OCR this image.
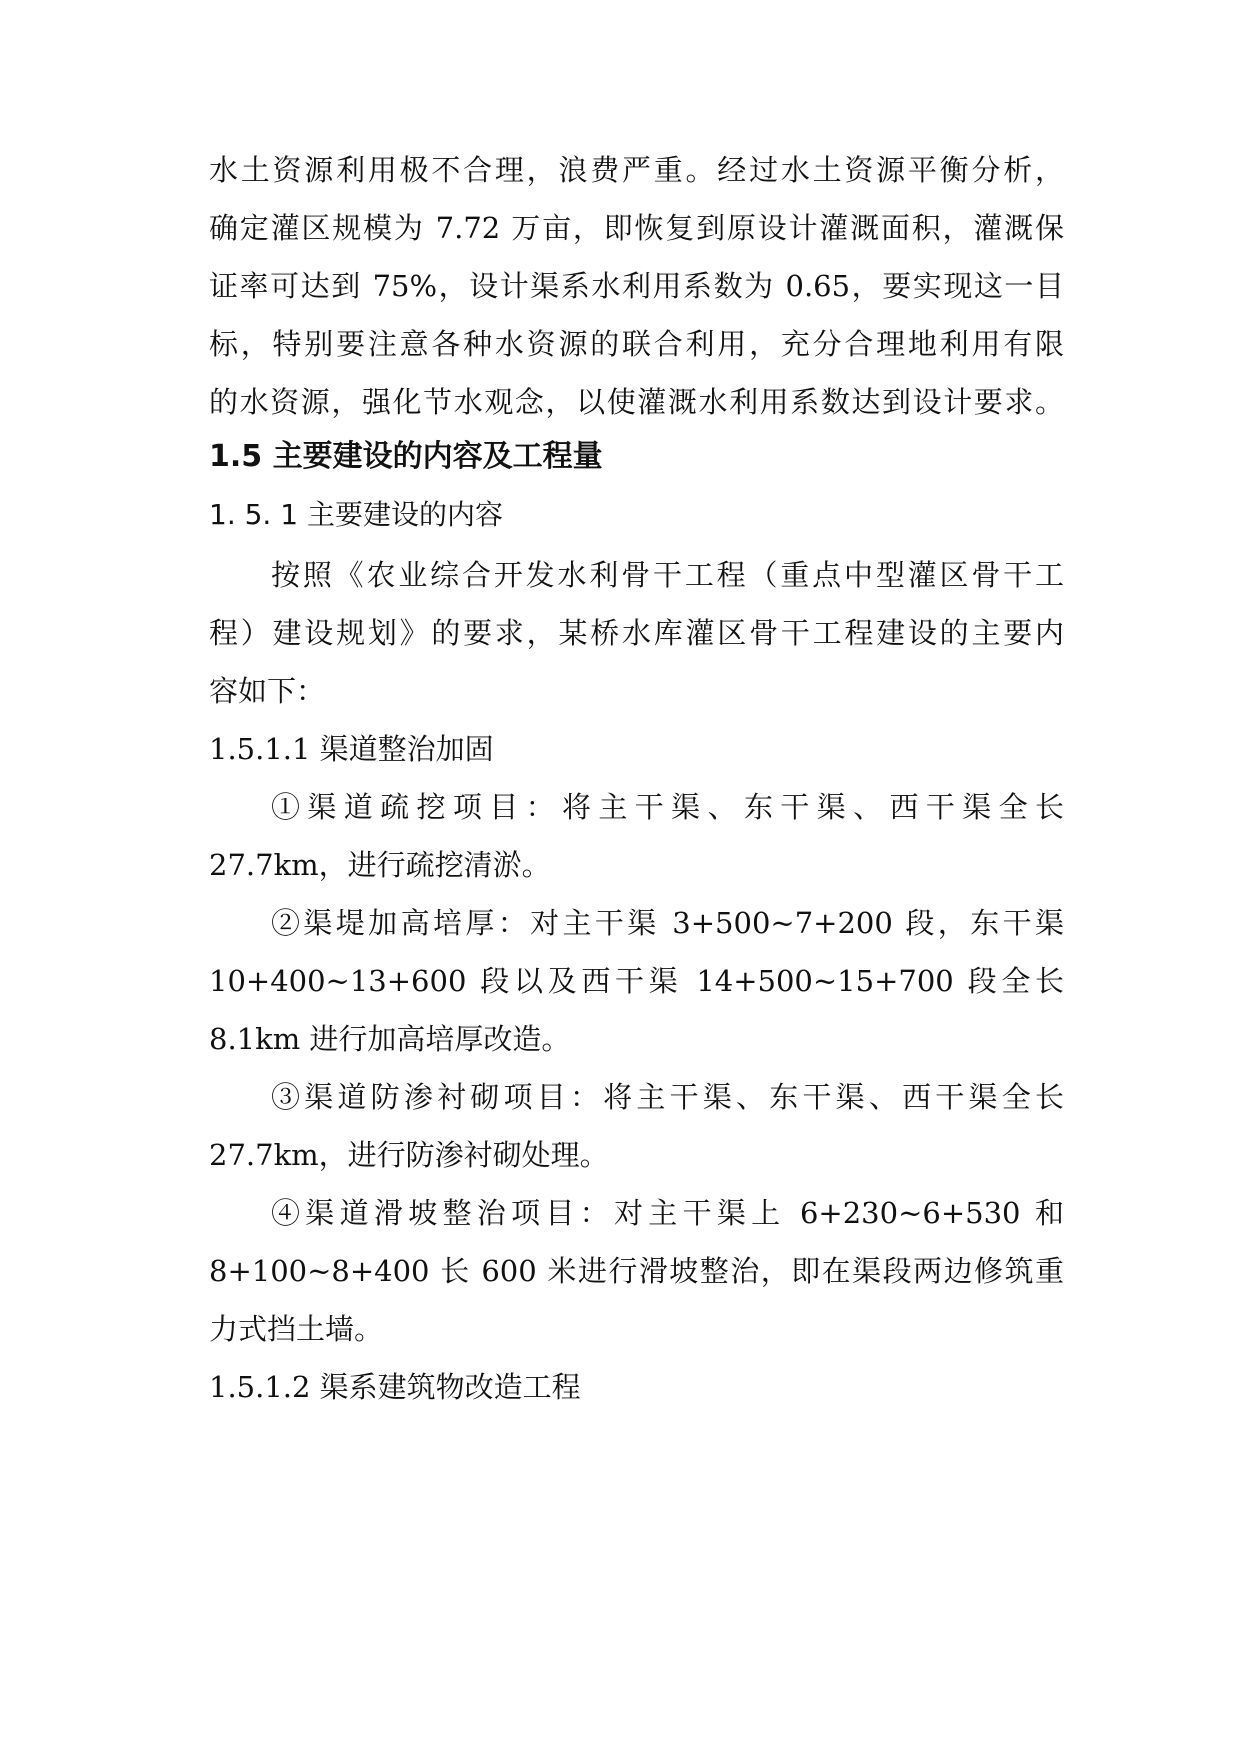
水土资源利用极不合理，浪费严重。经过水土资源平衡分析，
确定灌区规模为 7.72 万亩，即恢复到原设计灌溉面积，灌溉保
证率可达到 75%，设计渠系水利用系数为 0.65，要实现这一目
标，特别要注意各种水资源的联合利用，充分合理地利用有限
的水资源，强化节水观念，以使灌溉水利用系数达到设计要求。
1.5 主要建设的内容及工程量
1. 5. 1 主要建设的内容
按照《农业综合开发水利骨干工程（重点中型灌区骨干工
程）建设规划》的要求，某桥水库灌区骨干工程建设的主要内
容如下：
1.5.1.1 渠道整治加固
①渠道疏挖项目：将主干渠、东干渠、西干渠全长
27.7km，进行疏挖清淤。
②渠堤加高培厚：对主干渠 3+500~7+200 段，东干渠
10+400~13+600 段以及西干渠 14+500~15+700 段全长
8.1km 进行加高培厚改造。
③渠道防渗衬砌项目：将主干渠、东干渠、西干渠全长
27.7km，进行防渗衬砌处理。
④渠道滑坡整治项目：对主干渠上 6+230~6+530 和
8+100~8+400 长 600 米进行滑坡整治，即在渠段两边修筑重
力式挡土墙。
1.5.1.2 渠系建筑物改造工程
